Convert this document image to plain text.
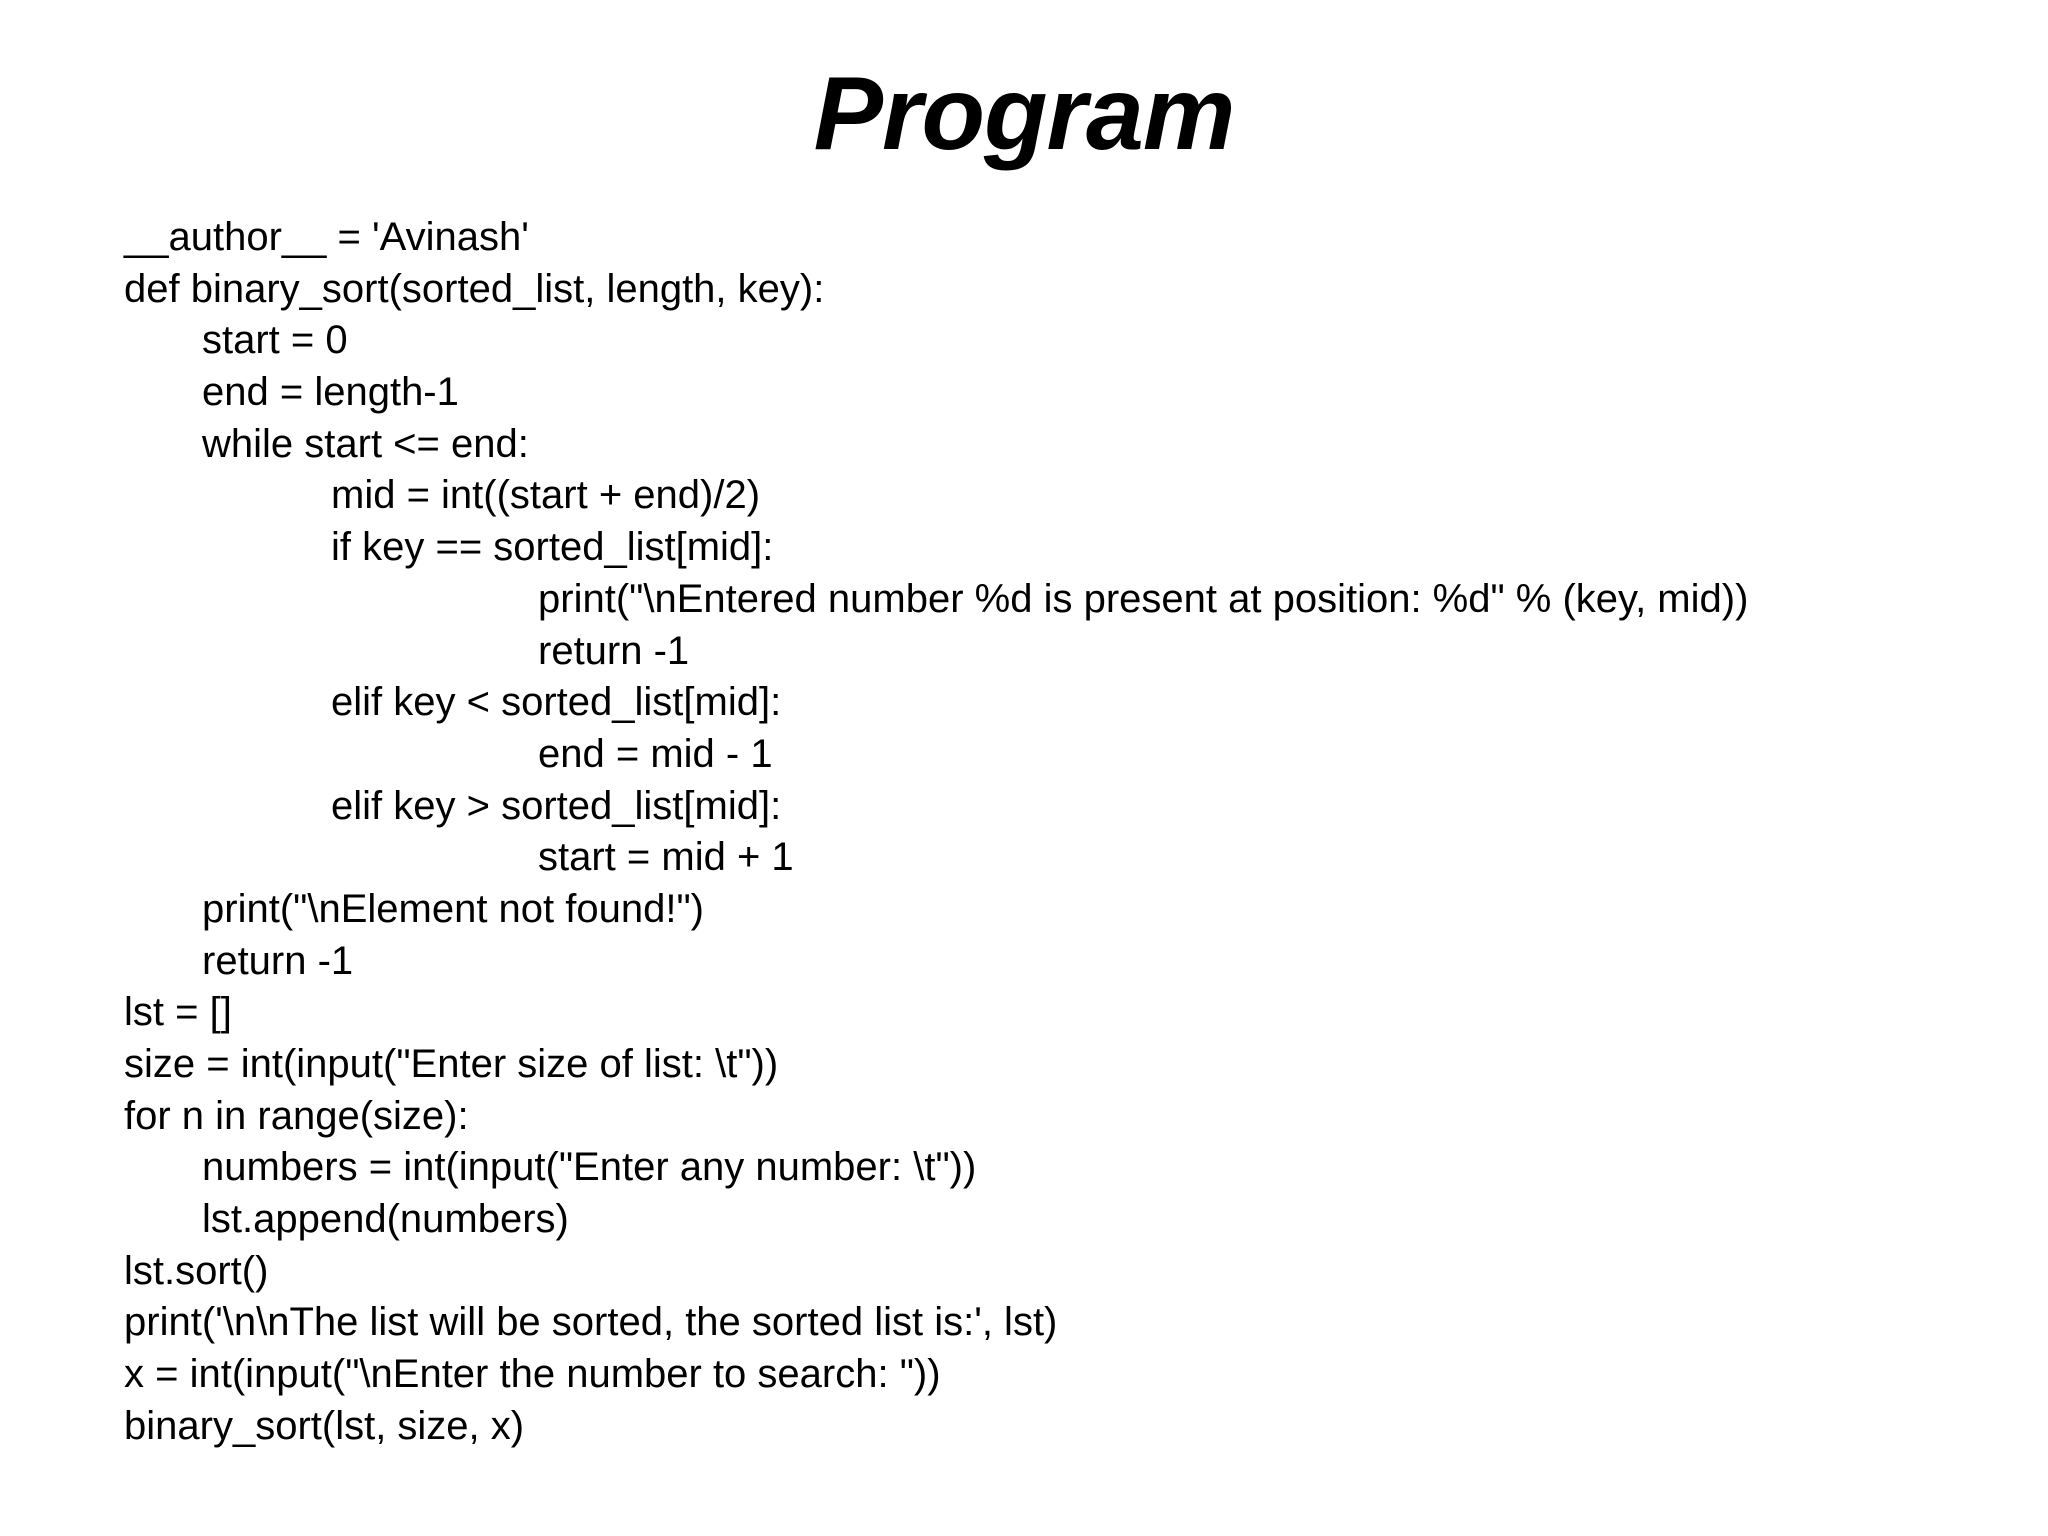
Program
__author__ = 'Avinash'
def binary_sort(sorted_list, length, key):
start = 0
end = length-1
while start <= end:
mid = int((start + end)/2)
if key == sorted_list[mid]:
print("\nEntered number %d is present at position: %d" % (key, mid))
return -1
elif key < sorted_list[mid]:
end = mid - 1
elif key > sorted_list[mid]:
start = mid + 1
print("\nElement not found!")
return -1
lst = []
size = int(input("Enter size of list: \t"))
for n in range(size):
numbers = int(input("Enter any number: \t"))
lst.append(numbers)
lst.sort()
print('\n\nThe list will be sorted, the sorted list is:', lst)
x = int(input("\nEnter the number to search: "))
binary_sort(lst, size, x)
